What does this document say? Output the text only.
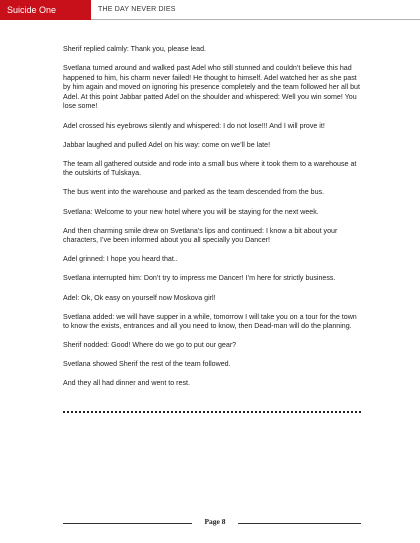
Suicide One	THE DAY NEVER DIES

Sherif replied calmly: Thank you, please lead.

Svetlana turned around and walked past Adel who still stunned and couldn’t believe this had happened to him, his charm never failed! He thought to himself. Adel watched her as she past by him again and moved on ignoring his presence completely and the team followed her all but Adel. At this point Jabbar patted Adel on the shoulder and whispered: Well you win some! You lose some!

Adel crossed his eyebrows silently and whispered: I do not lose!!! And I will prove it!

Jabbar laughed and pulled Adel on his way: come on we’ll be late!

The team all gathered outside and rode into a small bus where it took them to a warehouse at the outskirts of Tulskaya.

The bus went into the warehouse and parked as the team descended from the bus.

Svetlana: Welcome to your new hotel where you will be staying for the next week.

And then charming smile drew on Svetlana’s lips and continued: I know a bit about your characters, I’ve been informed about you all specially you Dancer!

Adel grinned: I hope you heard that..

Svetlana interrupted him: Don’t try to impress me Dancer! I’m here for strictly business.

Adel: Ok, Ok easy on yourself now Moskova girl!

Svetlana added: we will have supper in a while, tomorrow I will take you on a tour for the town to know the exists, entrances and all you need to know, then Dead-man will do the planning.

Sherif nodded: Good! Where do we go to put our gear?

Svetlana showed Sherif the rest of the team followed.

And they all had dinner and went to rest.

Page 8
